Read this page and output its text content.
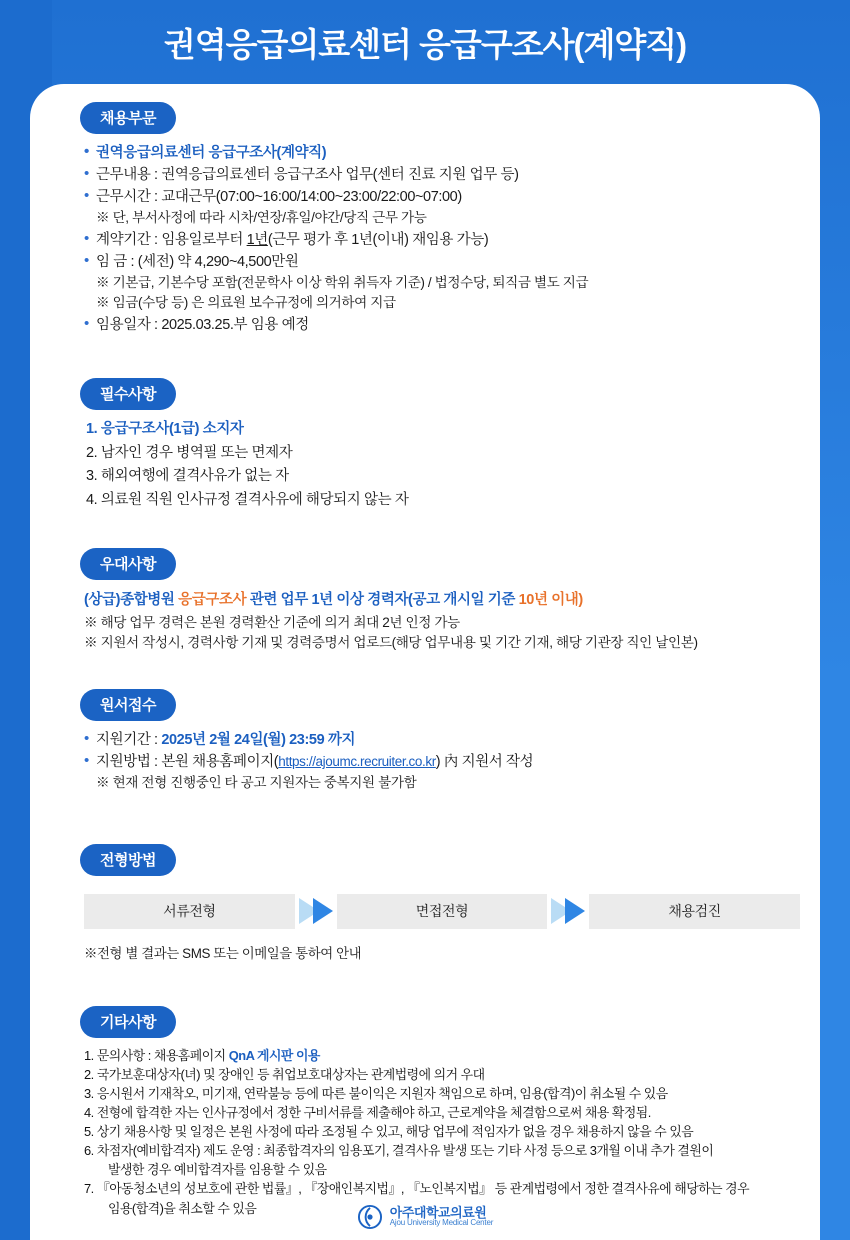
권역응급의료센터 응급구조사(계약직)
채용부문
• 권역응급의료센터 응급구조사(계약직)
• 근무내용 : 권역응급의료센터 응급구조사 업무(센터 진료 지원 업무 등)
• 근무시간 : 교대근무(07:00~16:00/14:00~23:00/22:00~07:00)
※ 단, 부서사정에 따라 시차/연장/휴일/야간/당직 근무 가능
• 계약기간 : 임용일로부터 1년(근무 평가 후 1년(이내) 재임용 가능)
• 임 금 : (세전) 약 4,290~4,500만원
※ 기본급, 기본수당 포함(전문학사 이상 학위 취득자 기준) / 법정수당, 퇴직금 별도 지급
※ 임금(수당 등) 은 의료원 보수규정에 의거하여 지급
• 임용일자 : 2025.03.25.부 임용 예정
필수사항
1. 응급구조사(1급) 소지자
2. 남자인 경우 병역필 또는 면제자
3. 해외여행에 결격사유가 없는 자
4. 의료원 직원 인사규정 결격사유에 해당되지 않는 자
우대사항
(상급)종합병원 응급구조사 관련 업무 1년 이상 경력자(공고 개시일 기준 10년 이내)
※ 해당 업무 경력은 본원 경력환산 기준에 의거 최대 2년 인정 가능
※ 지원서 작성시, 경력사항 기재 및 경력증명서 업로드(해당 업무내용 및 기간 기재, 해당 기관장 직인 날인본)
원서접수
• 지원기간 : 2025년 2월 24일(월) 23:59 까지
• 지원방법 : 본원 채용홈페이지(https://ajoumc.recruiter.co.kr) 內 지원서 작성
※ 현재 전형 진행중인 타 공고 지원자는 중복지원 불가함
전형방법
서류전형	면접전형	채용검진
※전형 별 결과는 SMS 또는 이메일을 통하여 안내
기타사항
1. 문의사항 : 채용홈페이지 QnA 게시판 이용
2. 국가보훈대상자(녀) 및 장애인 등 취업보호대상자는 관계법령에 의거 우대
3. 응시원서 기재착오, 미기재, 연락불능 등에 따른 불이익은 지원자 책임으로 하며, 임용(합격)이 취소될 수 있음
4. 전형에 합격한 자는 인사규정에서 정한 구비서류를 제출해야 하고, 근로계약을 체결함으로써 채용 확정됨.
5. 상기 채용사항 및 일정은 본원 사정에 따라 조정될 수 있고, 해당 업무에 적임자가 없을 경우 채용하지 않을 수 있음
6. 차점자(예비합격자) 제도 운영 : 최종합격자의 임용포기, 결격사유 발생 또는 기타 사정 등으로 3개월 이내 추가 결원이
발생한 경우 예비합격자를 임용할 수 있음
7. 『아동청소년의 성보호에 관한 법률』, 『장애인복지법』, 『노인복지법』 등 관계법령에서 정한 결격사유에 해당하는 경우
임용(합격)을 취소할 수 있음	아주대학교의료원
Ajou University Medical Center
